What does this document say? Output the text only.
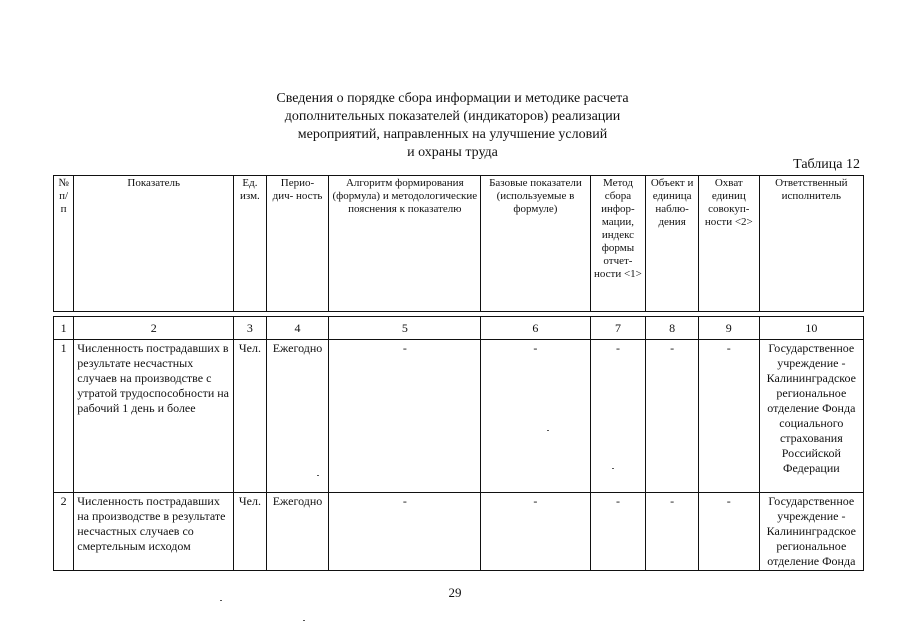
Сведения о порядке сбора информации и методике расчета
дополнительных показателей (индикаторов) реализации
мероприятий, направленных на улучшение условий
и охраны труда
Таблица 12
№ п/ п	Показатель	Ед. изм.	Перио- дич- ность	Алгоритм формирования (формула) и методологические пояснения к показателю	Базовые показатели (используемые в формуле)	Метод сбора инфор- мации, индекс формы отчет- ности <1>	Объект и единица наблю- дения	Охват единиц совокуп- ности <2>	Ответственный исполнитель
1	2	3	4	5	6	7	8	9	10
1	Численность пострадавших в результате несчастных случаев на производстве с утратой трудоспособности на рабочий 1 день и более	Чел.	Ежегодно	-	-	-	-	-	Государственное учреждение - Калининградское региональное отделение Фонда социального страхования Российской Федерации
2	Численность пострадавших на производстве в результате несчастных случаев со смертельным исходом	Чел.	Ежегодно	-	-	-	-	-	Государственное учреждение - Калининградское региональное отделение Фонда
29
